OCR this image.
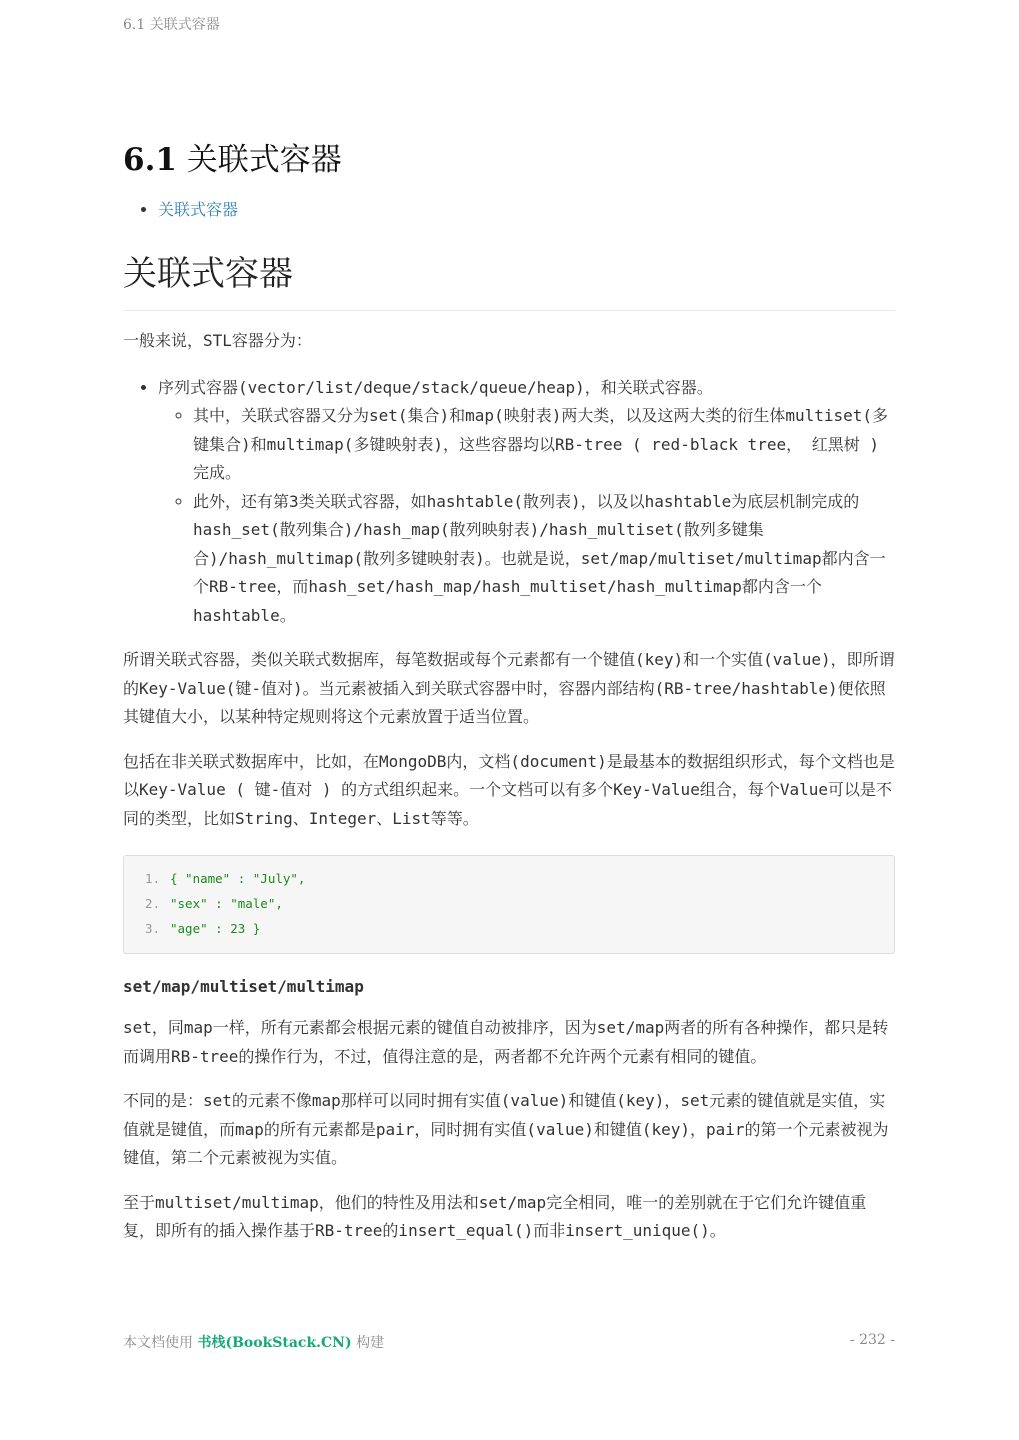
6.1 关联式容器
6.1 关联式容器
• 关联式容器
关联式容器

一般来说，STL容器分为：

• 序列式容器(vector/list/deque/stack/queue/heap)，和关联式容器。
◦ 其中，关联式容器又分为set(集合)和map(映射表)两大类，以及这两大类的衍生体multiset(多键集合)和multimap(多键映射表)，这些容器均以RB-tree ( red-black tree， 红黑树 ) 完成。
◦ 此外，还有第3类关联式容器，如hashtable(散列表)，以及以hashtable为底层机制完成的hash_set(散列集合)/hash_map(散列映射表)/hash_multiset(散列多键集合)/hash_multimap(散列多键映射表)。也就是说，set/map/multiset/multimap都内含一个RB-tree，而hash_set/hash_map/hash_multiset/hash_multimap都内含一个hashtable。

所谓关联式容器，类似关联式数据库，每笔数据或每个元素都有一个键值(key)和一个实值(value)，即所谓的Key-Value(键-值对)。当元素被插入到关联式容器中时，容器内部结构(RB-tree/hashtable)便依照其键值大小，以某种特定规则将这个元素放置于适当位置。

包括在非关联式数据库中，比如，在MongoDB内，文档(document)是最基本的数据组织形式，每个文档也是以Key-Value ( 键-值对 ) 的方式组织起来。一个文档可以有多个Key-Value组合，每个Value可以是不同的类型，比如String、Integer、List等等。

1. { "name" : "July",
2. "sex" : "male",
3. "age" : 23 }
set/map/multiset/multimap

set，同map一样，所有元素都会根据元素的键值自动被排序，因为set/map两者的所有各种操作，都只是转而调用RB-tree的操作行为，不过，值得注意的是，两者都不允许两个元素有相同的键值。

不同的是：set的元素不像map那样可以同时拥有实值(value)和键值(key)，set元素的键值就是实值，实值就是键值，而map的所有元素都是pair，同时拥有实值(value)和键值(key)，pair的第一个元素被视为键值，第二个元素被视为实值。

至于multiset/multimap，他们的特性及用法和set/map完全相同，唯一的差别就在于它们允许键值重复，即所有的插入操作基于RB-tree的insert_equal()而非insert_unique()。

本文档使用 书栈(BookStack.CN) 构建	- 232 -
